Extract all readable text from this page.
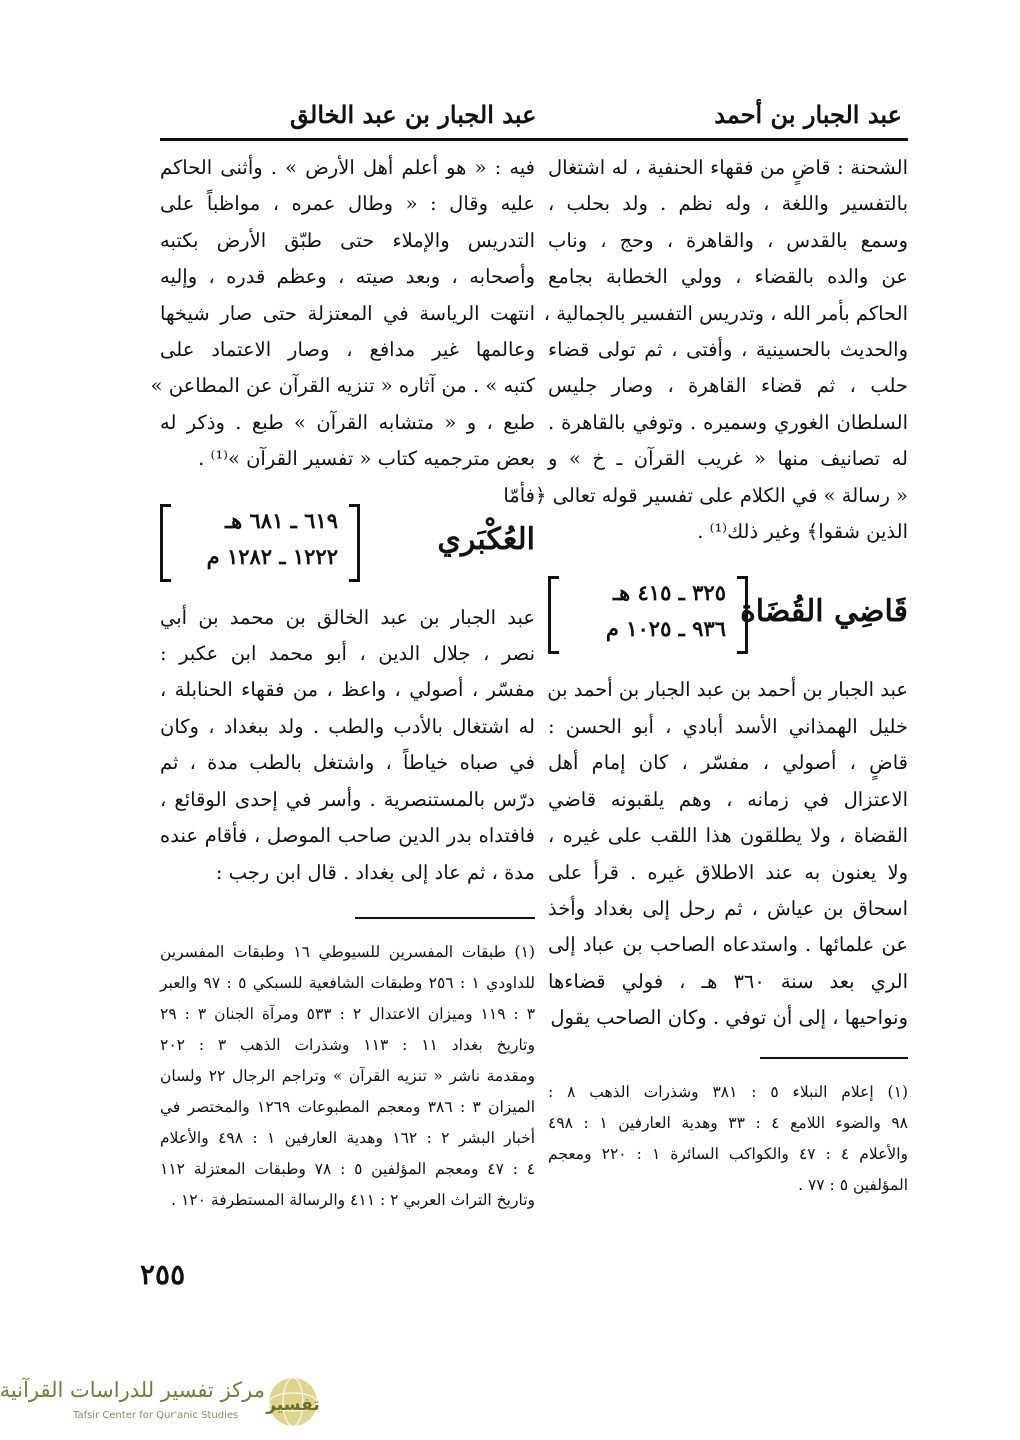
عبد الجبار بن أحمد
عبد الجبار بن عبد الخالق
الشحنة : قاضٍ من فقهاء الحنفية ، له اشتغال
بالتفسير واللغة ، وله نظم . ولد بحلب ،
وسمع بالقدس ، والقاهرة ، وحج ، وناب
عن والده بالقضاء ، وولي الخطابة بجامع
الحاكم بأمر الله ، وتدريس التفسير بالجمالية ،
والحديث بالحسينية ، وأفتى ، ثم تولى قضاء
حلب ، ثم قضاء القاهرة ، وصار جليس
السلطان الغوري وسميره . وتوفي بالقاهرة .
له تصانيف منها « غريب القرآن ـ خ » و
« رسالة » في الكلام على تفسير قوله تعالى ﴿فأمّا
الذين شقوا﴾ وغير ذلك⁽¹⁾ .
قَاضِي القُضَاة
٣٢٥ ـ ٤١٥ هـ
٩٣٦ ـ ١٠٢٥ م
عبد الجبار بن أحمد بن عبد الجبار بن أحمد بن
خليل الهمذاني الأسد أبادي ، أبو الحسن :
قاضٍ ، أصولي ، مفسّر ، كان إمام أهل
الاعتزال في زمانه ، وهم يلقبونه قاضي
القضاة ، ولا يطلقون هذا اللقب على غيره ،
ولا يعنون به عند الاطلاق غيره . قرأ على
اسحاق بن عياش ، ثم رحل إلى بغداد وأخذ
عن علمائها . واستدعاه الصاحب بن عباد إلى
الري بعد سنة ٣٦٠ هـ ، فولي قضاءها
ونواحيها ، إلى أن توفي . وكان الصاحب يقول
(١) إعلام النبلاء ٥ : ٣٨١ وشذرات الذهب ٨ :
٩٨ والضوء اللامع ٤ : ٣٣ وهدية العارفين ١ : ٤٩٨
والأعلام ٤ : ٤٧ والكواكب السائرة ١ : ٢٢٠ ومعجم
المؤلفين ٥ : ٧٧ .
فيه : « هو أعلم أهل الأرض » . وأثنى الحاكم
عليه وقال : « وطال عمره ، مواظباً على
التدريس والإملاء حتى طبّق الأرض بكتبه
وأصحابه ، وبعد صيته ، وعظم قدره ، وإليه
انتهت الرياسة في المعتزلة حتى صار شيخها
وعالمها غير مدافع ، وصار الاعتماد على
كتبه » . من آثاره « تنزيه القرآن عن المطاعن »
طبع ، و « متشابه القرآن » طبع . وذكر له
بعض مترجميه كتاب « تفسير القرآن »⁽¹⁾ .
العُكْبَري
٦١٩ ـ ٦٨١ هـ
١٢٢٢ ـ ١٢٨٢ م
عبد الجبار بن عبد الخالق بن محمد بن أبي
نصر ، جلال الدين ، أبو محمد ابن عكبر :
مفسّر ، أصولي ، واعظ ، من فقهاء الحنابلة ،
له اشتغال بالأدب والطب . ولد ببغداد ، وكان
في صباه خياطاً ، واشتغل بالطب مدة ، ثم
درّس بالمستنصرية . وأسر في إحدى الوقائع ،
فافتداه بدر الدين صاحب الموصل ، فأقام عنده
مدة ، ثم عاد إلى بغداد . قال ابن رجب :
(١) طبقات المفسرين للسيوطي ١٦ وطبقات المفسرين
للداودي ١ : ٢٥٦ وطبقات الشافعية للسبكي ٥ : ٩٧ والعبر
٣ : ١١٩ وميزان الاعتدال ٢ : ٥٣٣ ومرآة الجنان ٣ : ٢٩
وتاريخ بغداد ١١ : ١١٣ وشذرات الذهب ٣ : ٢٠٢
ومقدمة ناشر « تنزيه القرآن » وتراجم الرجال ٢٢ ولسان
الميزان ٣ : ٣٨٦ ومعجم المطبوعات ١٢٦٩ والمختصر في
أخبار البشر ٢ : ١٦٢ وهدية العارفين ١ : ٤٩٨ والأعلام
٤ : ٤٧ ومعجم المؤلفين ٥ : ٧٨ وطبقات المعتزلة ١١٢
وتاريخ التراث العربي ٢ : ٤١١ والرسالة المستطرفة ١٢٠ .
٢٥٥
مركز تفسير للدراسات القرآنية
Tafsir Center for Qur'anic Studies
تفسير
